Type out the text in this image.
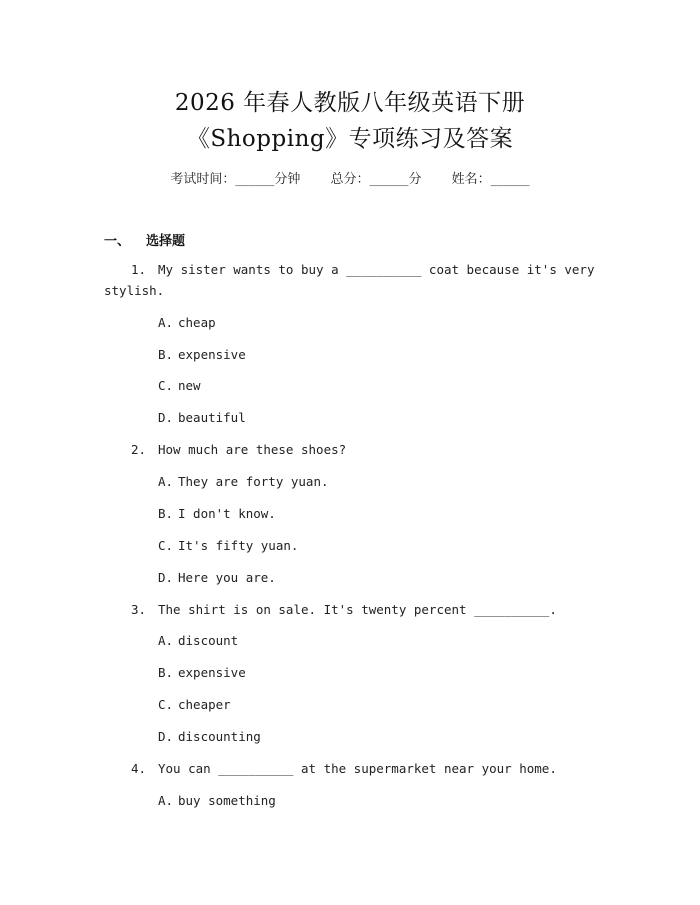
2026 年春人教版八年级英语下册
《Shopping》专项练习及答案
考试时间：______分钟 总分：______分 姓名：______
一、 选择题
1. My sister wants to buy a __________ coat because it's very
stylish.
A. cheap
B. expensive
C. new
D. beautiful
2. How much are these shoes?
A. They are forty yuan.
B. I don't know.
C. It's fifty yuan.
D. Here you are.
3. The shirt is on sale. It's twenty percent __________.
A. discount
B. expensive
C. cheaper
D. discounting
4. You can __________ at the supermarket near your home.
A. buy something
